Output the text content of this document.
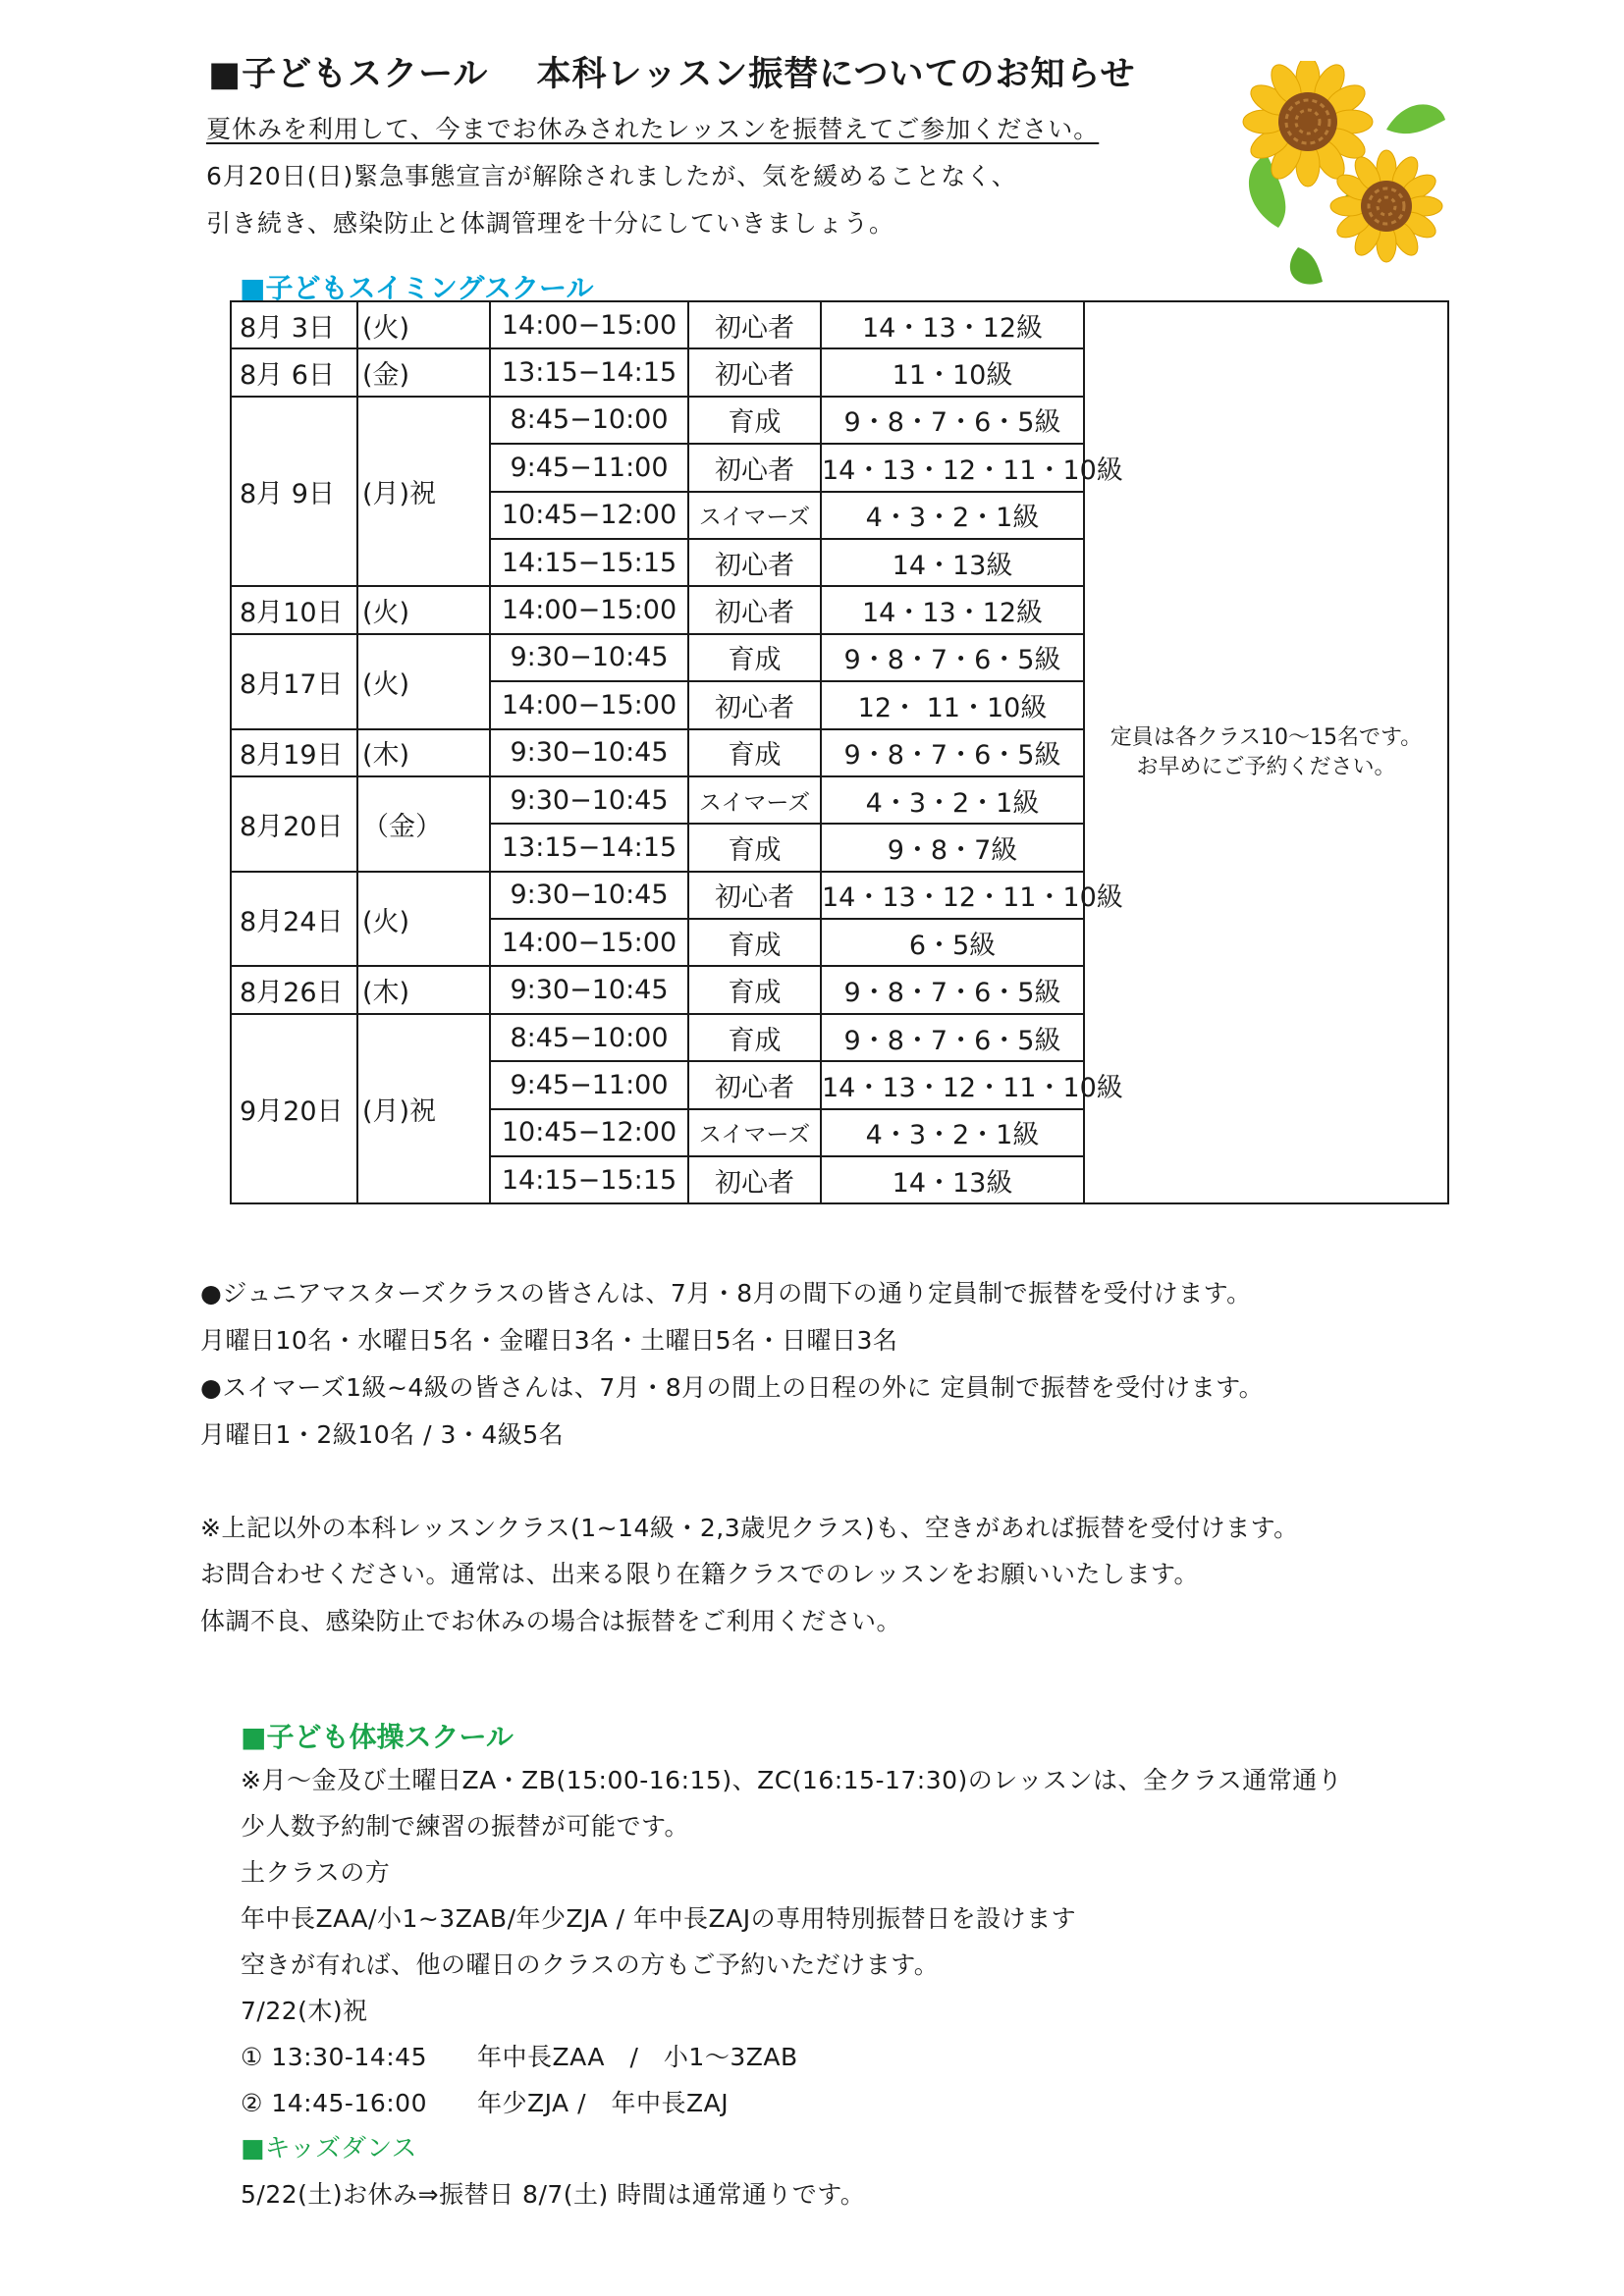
■子どもスクール　 本科レッスン振替についてのお知らせ
夏休みを利用して、今までお休みされたレッスンを振替えてご参加ください。
6月20日(日)緊急事態宣言が解除されましたが、気を緩めることなく、
引き続き、感染防止と体調管理を十分にしていきましょう。
■子どもスイミングスクール
8月 3日	(火)	14:00−15:00	初心者	14・13・12級	定員は各クラス10〜15名です。
お早めにご予約ください。

8月 6日	(金)	13:15−14:15	初心者	11・10級	
8月 9日	(月)祝	8:45−10:00	育成	9・8・7・6・5級	
		9:45−11:00	初心者	14・13・12・11・10級	
		10:45−12:00	スイマーズ	4・3・2・1級	
		14:15−15:15	初心者	14・13級	
8月10日	(火)	14:00−15:00	初心者	14・13・12級	
8月17日	(火)	9:30−10:45	育成	9・8・7・6・5級	
		14:00−15:00	初心者	12・ 11・10級	
8月19日	(木)	9:30−10:45	育成	9・8・7・6・5級	
8月20日	（金）	9:30−10:45	スイマーズ	4・3・2・1級	
		13:15−14:15	育成	9・8・7級	
8月24日	(火)	9:30−10:45	初心者	14・13・12・11・10級	
		14:00−15:00	育成	6・5級	
8月26日	(木)	9:30−10:45	育成	9・8・7・6・5級	
9月20日	(月)祝	8:45−10:00	育成	9・8・7・6・5級	
		9:45−11:00	初心者	14・13・12・11・10級	
		10:45−12:00	スイマーズ	4・3・2・1級	
		14:15−15:15	初心者	14・13級	
●ジュニアマスターズクラスの皆さんは、7月・8月の間下の通り定員制で振替を受付けます。
月曜日10名・水曜日5名・金曜日3名・土曜日5名・日曜日3名
●スイマーズ1級~4級の皆さんは、7月・8月の間上の日程の外に 定員制で振替を受付けます。
月曜日1・2級10名 / 3・4級5名
※上記以外の本科レッスンクラス(1~14級・2,3歳児クラス)も、空きがあれば振替を受付けます。
お問合わせください。通常は、出来る限り在籍クラスでのレッスンをお願いいたします。
体調不良、感染防止でお休みの場合は振替をご利用ください。
■子ども体操スクール
※月〜金及び土曜日ZA・ZB(15:00-16:15)、ZC(16:15-17:30)のレッスンは、全クラス通常通り
少人数予約制で練習の振替が可能です。
土クラスの方
年中長ZAA/小1~3ZAB/年少ZJA / 年中長ZAJの専用特別振替日を設けます
空きが有れば、他の曜日のクラスの方もご予約いただけます。
7/22(木)祝
① 13:30-14:45　　年中長ZAA　/　小1〜3ZAB
② 14:45-16:00　　年少ZJA /　年中長ZAJ
■キッズダンス
5/22(土)お休み⇒振替日 8/7(土) 時間は通常通りです。
